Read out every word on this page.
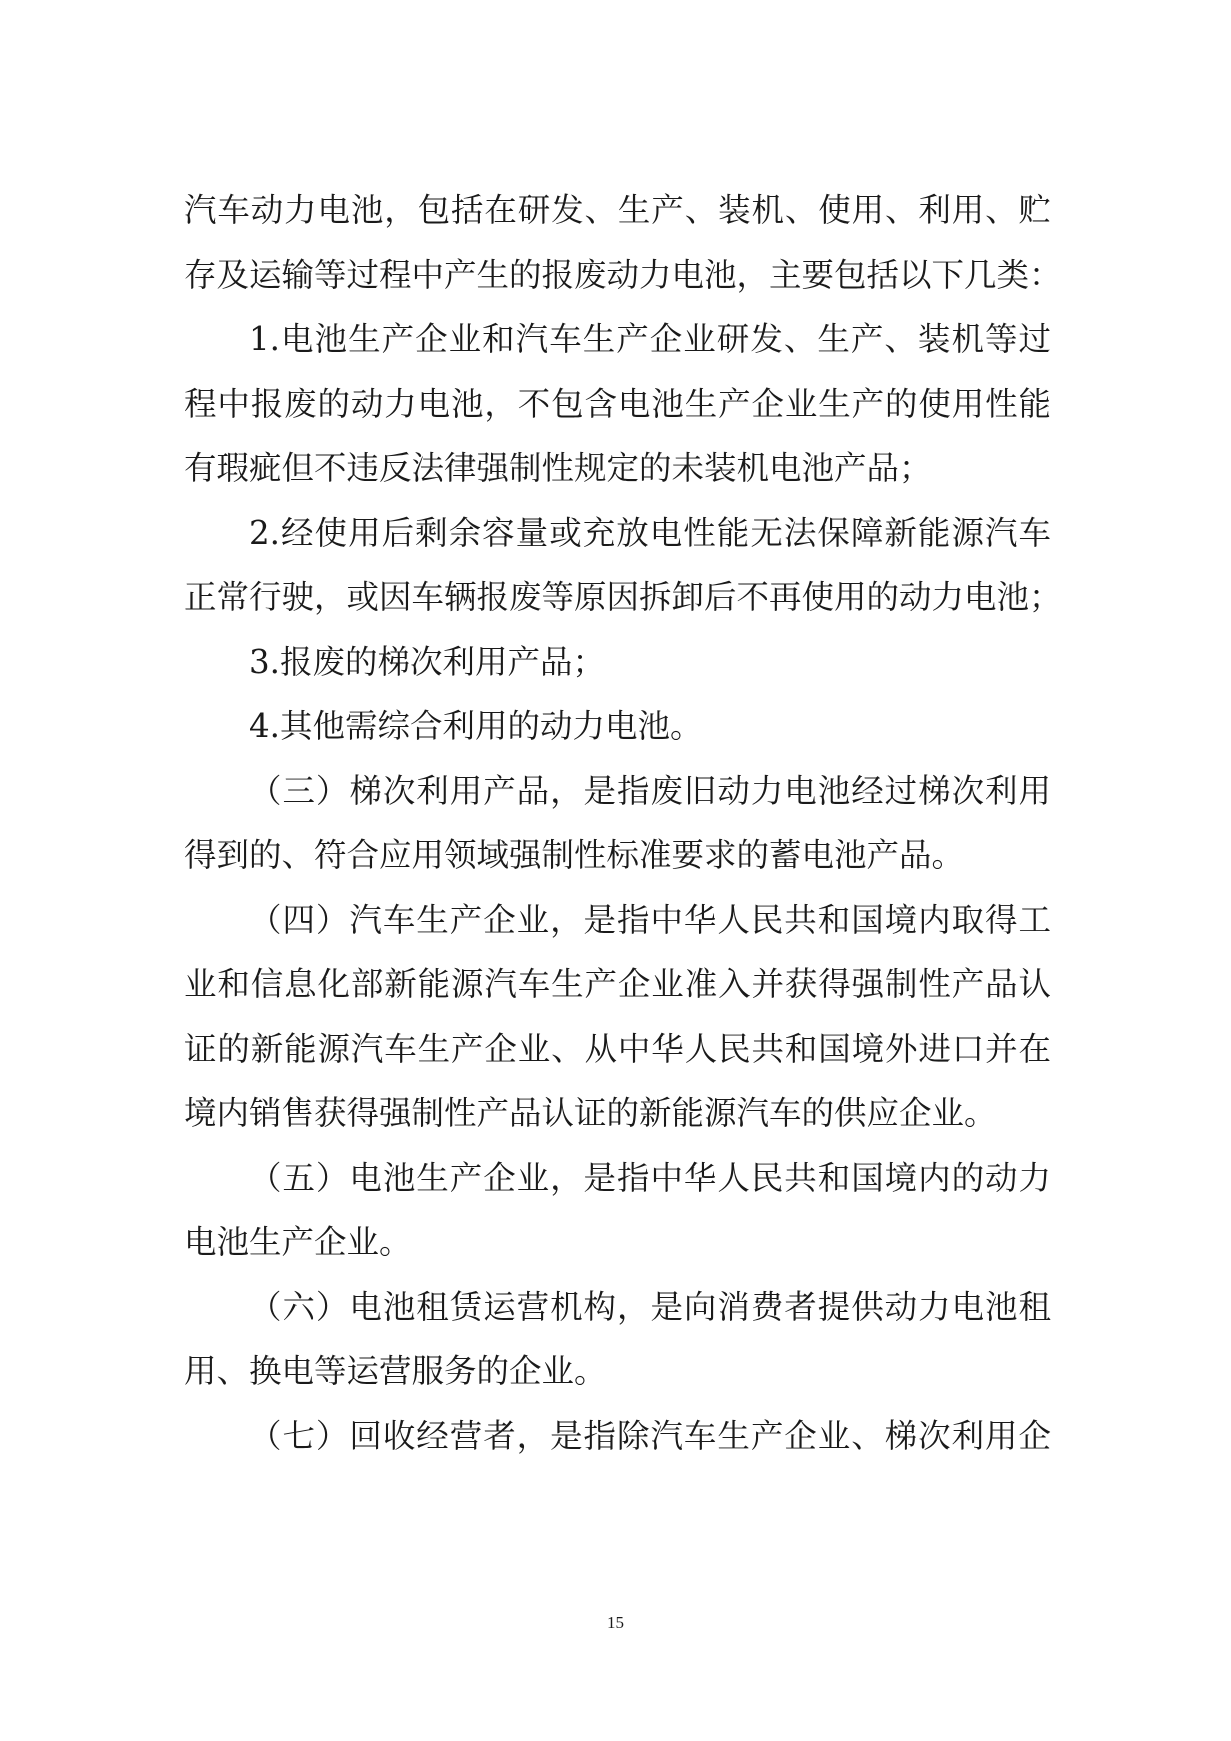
汽车动力电池，包括在研发、生产、装机、使用、利用、贮
存及运输等过程中产生的报废动力电池，主要包括以下几类：
1.电池生产企业和汽车生产企业研发、生产、装机等过
程中报废的动力电池，不包含电池生产企业生产的使用性能
有瑕疵但不违反法律强制性规定的未装机电池产品；
2.经使用后剩余容量或充放电性能无法保障新能源汽车
正常行驶，或因车辆报废等原因拆卸后不再使用的动力电池；
3.报废的梯次利用产品；
4.其他需综合利用的动力电池。
（三）梯次利用产品，是指废旧动力电池经过梯次利用
得到的、符合应用领域强制性标准要求的蓄电池产品。
（四）汽车生产企业，是指中华人民共和国境内取得工
业和信息化部新能源汽车生产企业准入并获得强制性产品认
证的新能源汽车生产企业、从中华人民共和国境外进口并在
境内销售获得强制性产品认证的新能源汽车的供应企业。
（五）电池生产企业，是指中华人民共和国境内的动力
电池生产企业。
（六）电池租赁运营机构，是向消费者提供动力电池租
用、换电等运营服务的企业。
（七）回收经营者，是指除汽车生产企业、梯次利用企
15
